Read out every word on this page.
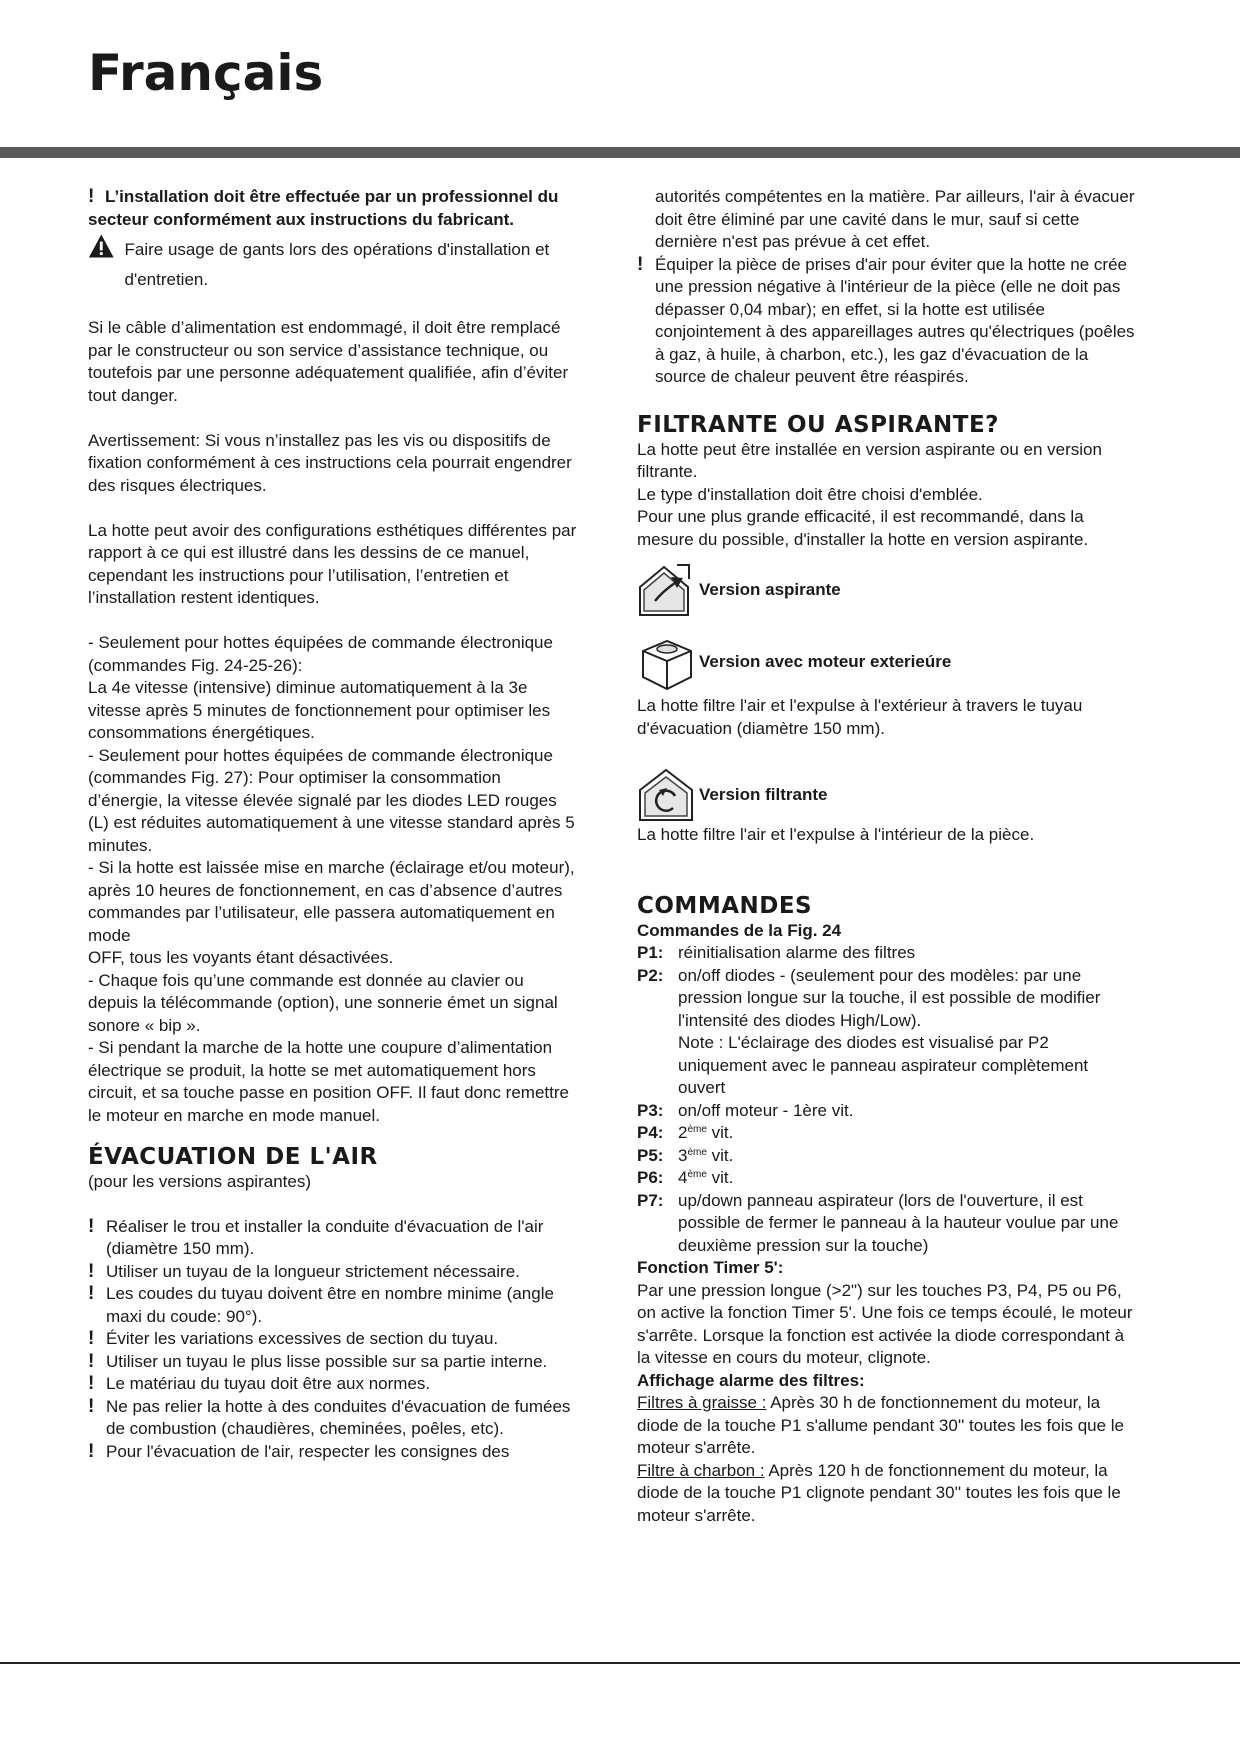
Français

! L’installation doit être effectuée par un professionnel du secteur conformément aux instructions du fabricant.

Faire usage de gants lors des opérations d'installation et d'entretien.

Si le câble d’alimentation est endommagé, il doit être remplacé par le constructeur ou son service d’assistance technique, ou toutefois par une personne adéquatement qualifiée, afin d’éviter tout danger.

Avertissement: Si vous n’installez pas les vis ou dispositifs de fixation conformément à ces instructions cela pourrait engendrer des risques électriques.

La hotte peut avoir des configurations esthétiques différentes par rapport à ce qui est illustré dans les dessins de ce manuel, cependant les instructions pour l’utilisation, l’entretien et l’installation restent identiques.

- Seulement pour hottes équipées de commande électronique (commandes Fig. 24-25-26):

La 4e vitesse (intensive) diminue automatiquement à la 3e vitesse après 5 minutes de fonctionnement pour optimiser les consommations énergétiques.

- Seulement pour hottes équipées de commande électronique (commandes Fig. 27): Pour optimiser la consommation d’énergie, la vitesse élevée signalé par les diodes LED rouges (L) est réduites automatiquement à une vitesse standard après 5 minutes.

- Si la hotte est laissée mise en marche (éclairage et/ou moteur), après 10 heures de fonctionnement, en cas d’absence d’autres commandes par l’utilisateur, elle passera automatiquement en mode

OFF, tous les voyants étant désactivées.

- Chaque fois qu’une commande est donnée au clavier ou depuis la télécommande (option), une sonnerie émet un signal sonore « bip ».

- Si pendant la marche de la hotte une coupure d’alimentation électrique se produit, la hotte se met automatiquement hors circuit, et sa touche passe en position OFF. Il faut donc remettre le moteur en marche en mode manuel.

ÉVACUATION DE L'AIR

(pour les versions aspirantes)

! Réaliser le trou et installer la conduite d'évacuation de l'air (diamètre 150 mm).
! Utiliser un tuyau de la longueur strictement nécessaire.
! Les coudes du tuyau doivent être en nombre minime (angle maxi du coude: 90°).
! Éviter les variations excessives de section du tuyau.
! Utiliser un tuyau le plus lisse possible sur sa partie interne.
! Le matériau du tuyau doit être aux normes.
! Ne pas relier la hotte à des conduites d'évacuation de fumées de combustion (chaudières, cheminées, poêles, etc).
! Pour l'évacuation de l'air, respecter les consignes des

autorités compétentes en la matière. Par ailleurs, l'air à évacuer doit être éliminé par une cavité dans le mur, sauf si cette dernière n'est pas prévue à cet effet.

! Équiper la pièce de prises d'air pour éviter que la hotte ne crée une pression négative à l'intérieur de la pièce (elle ne doit pas dépasser 0,04 mbar); en effet, si la hotte est utilisée conjointement à des appareillages autres qu'électriques (poêles à gaz, à huile, à charbon, etc.), les gaz d'évacuation de la source de chaleur peuvent être réaspirés.
FILTRANTE OU ASPIRANTE?

La hotte peut être installée en version aspirante ou en version filtrante.

Le type d'installation doit être choisi d'emblée.

Pour une plus grande efficacité, il est recommandé, dans la mesure du possible, d'installer la hotte en version aspirante.

Version aspirante
Version avec moteur exterieúre

La hotte filtre l'air et l'expulse à l'extérieur à travers le tuyau d'évacuation (diamètre 150 mm).

Version filtrante

La hotte filtre l'air et l'expulse à l'intérieur de la pièce.

COMMANDES

Commandes de la Fig. 24

P1: réinitialisation alarme des filtres
P2: on/off diodes - (seulement pour des modèles: par une pression longue sur la touche, il est possible de modifier l'intensité des diodes High/Low).
Note : L'éclairage des diodes est visualisé par P2 uniquement avec le panneau aspirateur complètement ouvert
P3: on/off moteur - 1ère vit.
P4: 2ème vit.
P5: 3ème vit.
P6: 4ème vit.
P7: up/down panneau aspirateur (lors de l'ouverture, il est possible de fermer le panneau à la hauteur voulue par une deuxième pression sur la touche)

Fonction Timer 5':

Par une pression longue (>2") sur les touches P3, P4, P5 ou P6, on active la fonction Timer 5'. Une fois ce temps écoulé, le moteur s'arrête. Lorsque la fonction est activée la diode correspondant à la vitesse en cours du moteur, clignote.

Affichage alarme des filtres:

Filtres à graisse : Après 30 h de fonctionnement du moteur, la diode de la touche P1 s'allume pendant 30'' toutes les fois que le moteur s'arrête.

Filtre à charbon : Après 120 h de fonctionnement du moteur, la diode de la touche P1 clignote pendant 30'' toutes les fois que le moteur s'arrête.
